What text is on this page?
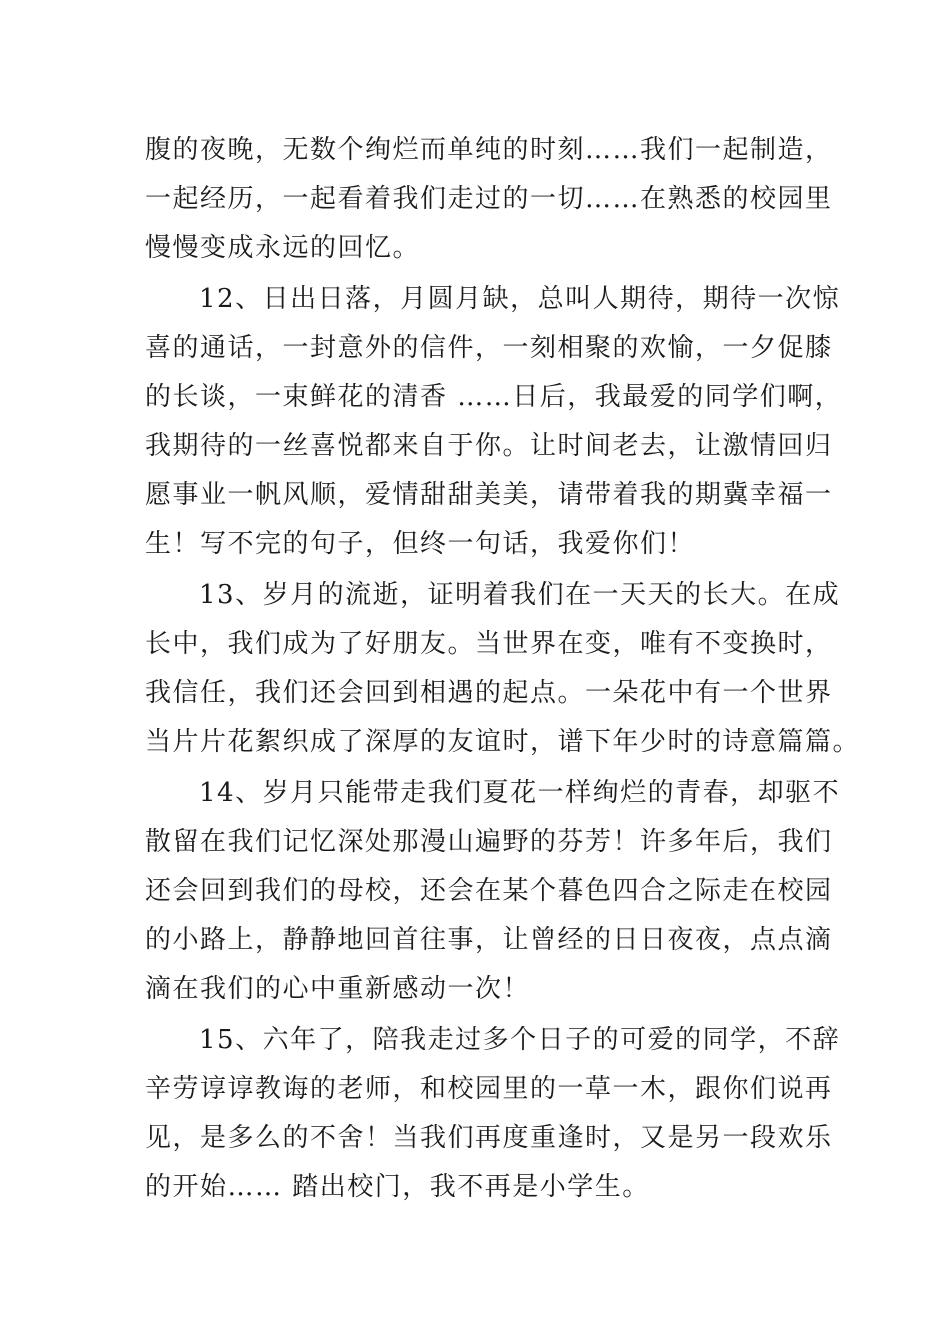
腹的夜晚，无数个绚烂而单纯的时刻……我们一起制造，
一起经历，一起看着我们走过的一切……在熟悉的校园里
慢慢变成永远的回忆。
12、日出日落，月圆月缺，总叫人期待，期待一次惊
喜的通话，一封意外的信件，一刻相聚的欢愉，一夕促膝
的长谈，一束鲜花的清香 ……日后，我最爱的同学们啊，
我期待的一丝喜悦都来自于你。让时间老去，让激情回归
愿事业一帆风顺，爱情甜甜美美，请带着我的期冀幸福一
生！写不完的句子，但终一句话，我爱你们！
13、岁月的流逝，证明着我们在一天天的长大。在成
长中，我们成为了好朋友。当世界在变，唯有不变换时，
我信任，我们还会回到相遇的起点。一朵花中有一个世界
当片片花絮织成了深厚的友谊时，谱下年少时的诗意篇篇。
14、岁月只能带走我们夏花一样绚烂的青春，却驱不
散留在我们记忆深处那漫山遍野的芬芳！许多年后，我们
还会回到我们的母校，还会在某个暮色四合之际走在校园
的小路上，静静地回首往事，让曾经的日日夜夜，点点滴
滴在我们的心中重新感动一次！
15、六年了，陪我走过多个日子的可爱的同学，不辞
辛劳谆谆教诲的老师，和校园里的一草一木，跟你们说再
见，是多么的不舍！当我们再度重逢时，又是另一段欢乐
的开始…… 踏出校门，我不再是小学生。
